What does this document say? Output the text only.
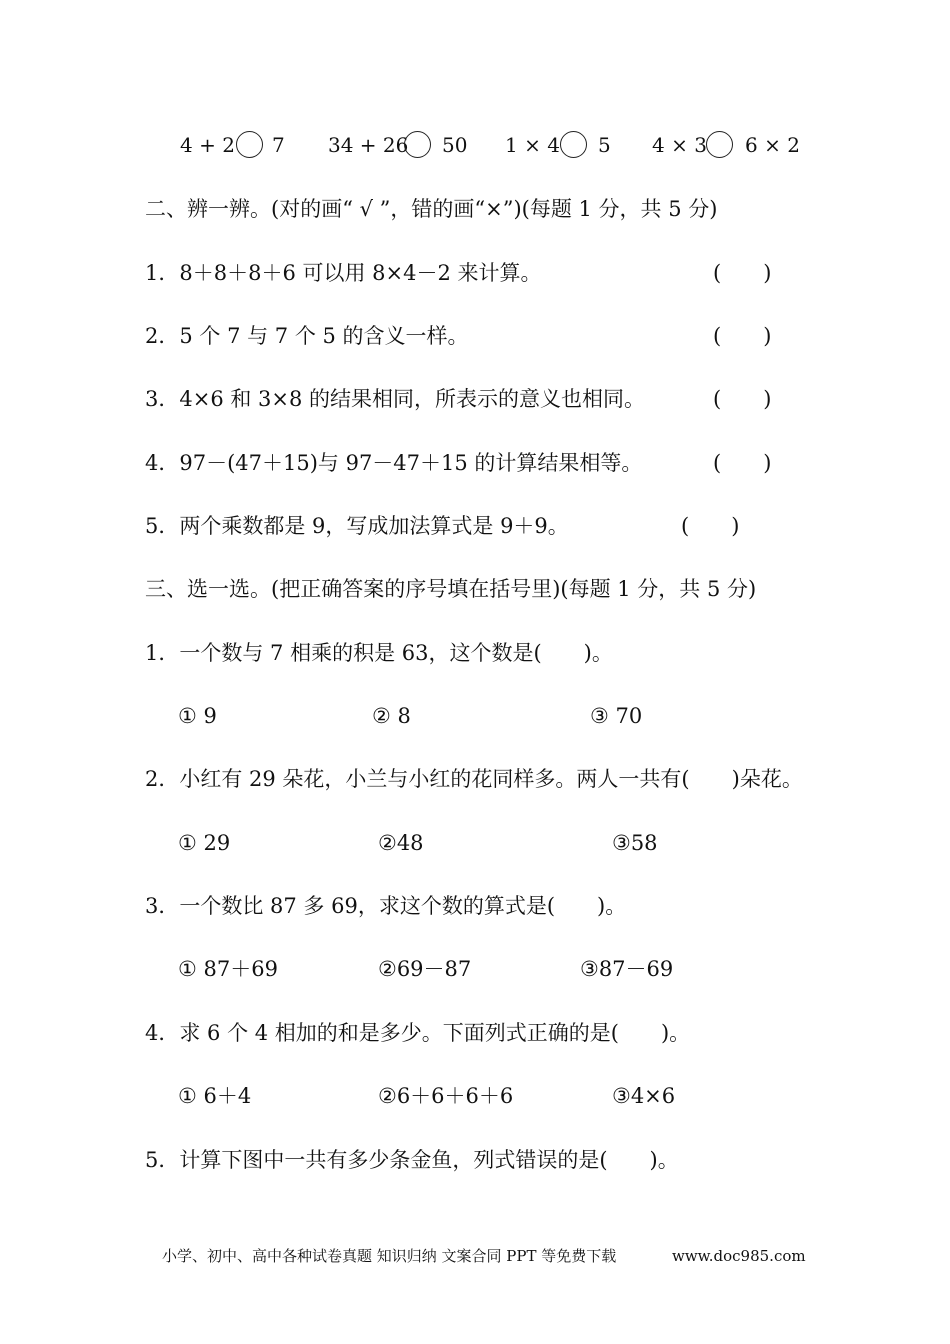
4 + 2 7 34 + 26 50 1 × 4 5 4 × 3 6 × 2
二、辨一辨。(对的画“ √ ”，错的画“×”)(每题 1 分，共 5 分)
1．8＋8＋8＋6 可以用 8×4－2 来计算。	(　　)
2．5 个 7 与 7 个 5 的含义一样。	(　　)
3．4×6 和 3×8 的结果相同，所表示的意义也相同。	(　　)
4．97－(47＋15)与 97－47＋15 的计算结果相等。	(　　)
5．两个乘数都是 9，写成加法算式是 9＋9。	(　　)
三、选一选。(把正确答案的序号填在括号里)(每题 1 分，共 5 分)
1．一个数与 7 相乘的积是 63，这个数是(　　)。
① 9	② 8	③ 70
2．小红有 29 朵花，小兰与小红的花同样多。两人一共有(　　)朵花。
① 29	②48	③58
3．一个数比 87 多 69，求这个数的算式是(　　)。
① 87＋69	②69－87	③87－69
4．求 6 个 4 相加的和是多少。下面列式正确的是(　　)。
① 6＋4	②6＋6＋6＋6	③4×6
5．计算下图中一共有多少条金鱼，列式错误的是(　　)。
小学、初中、高中各种试卷真题 知识归纳 文案合同 PPT 等免费下载	www.doc985.com
